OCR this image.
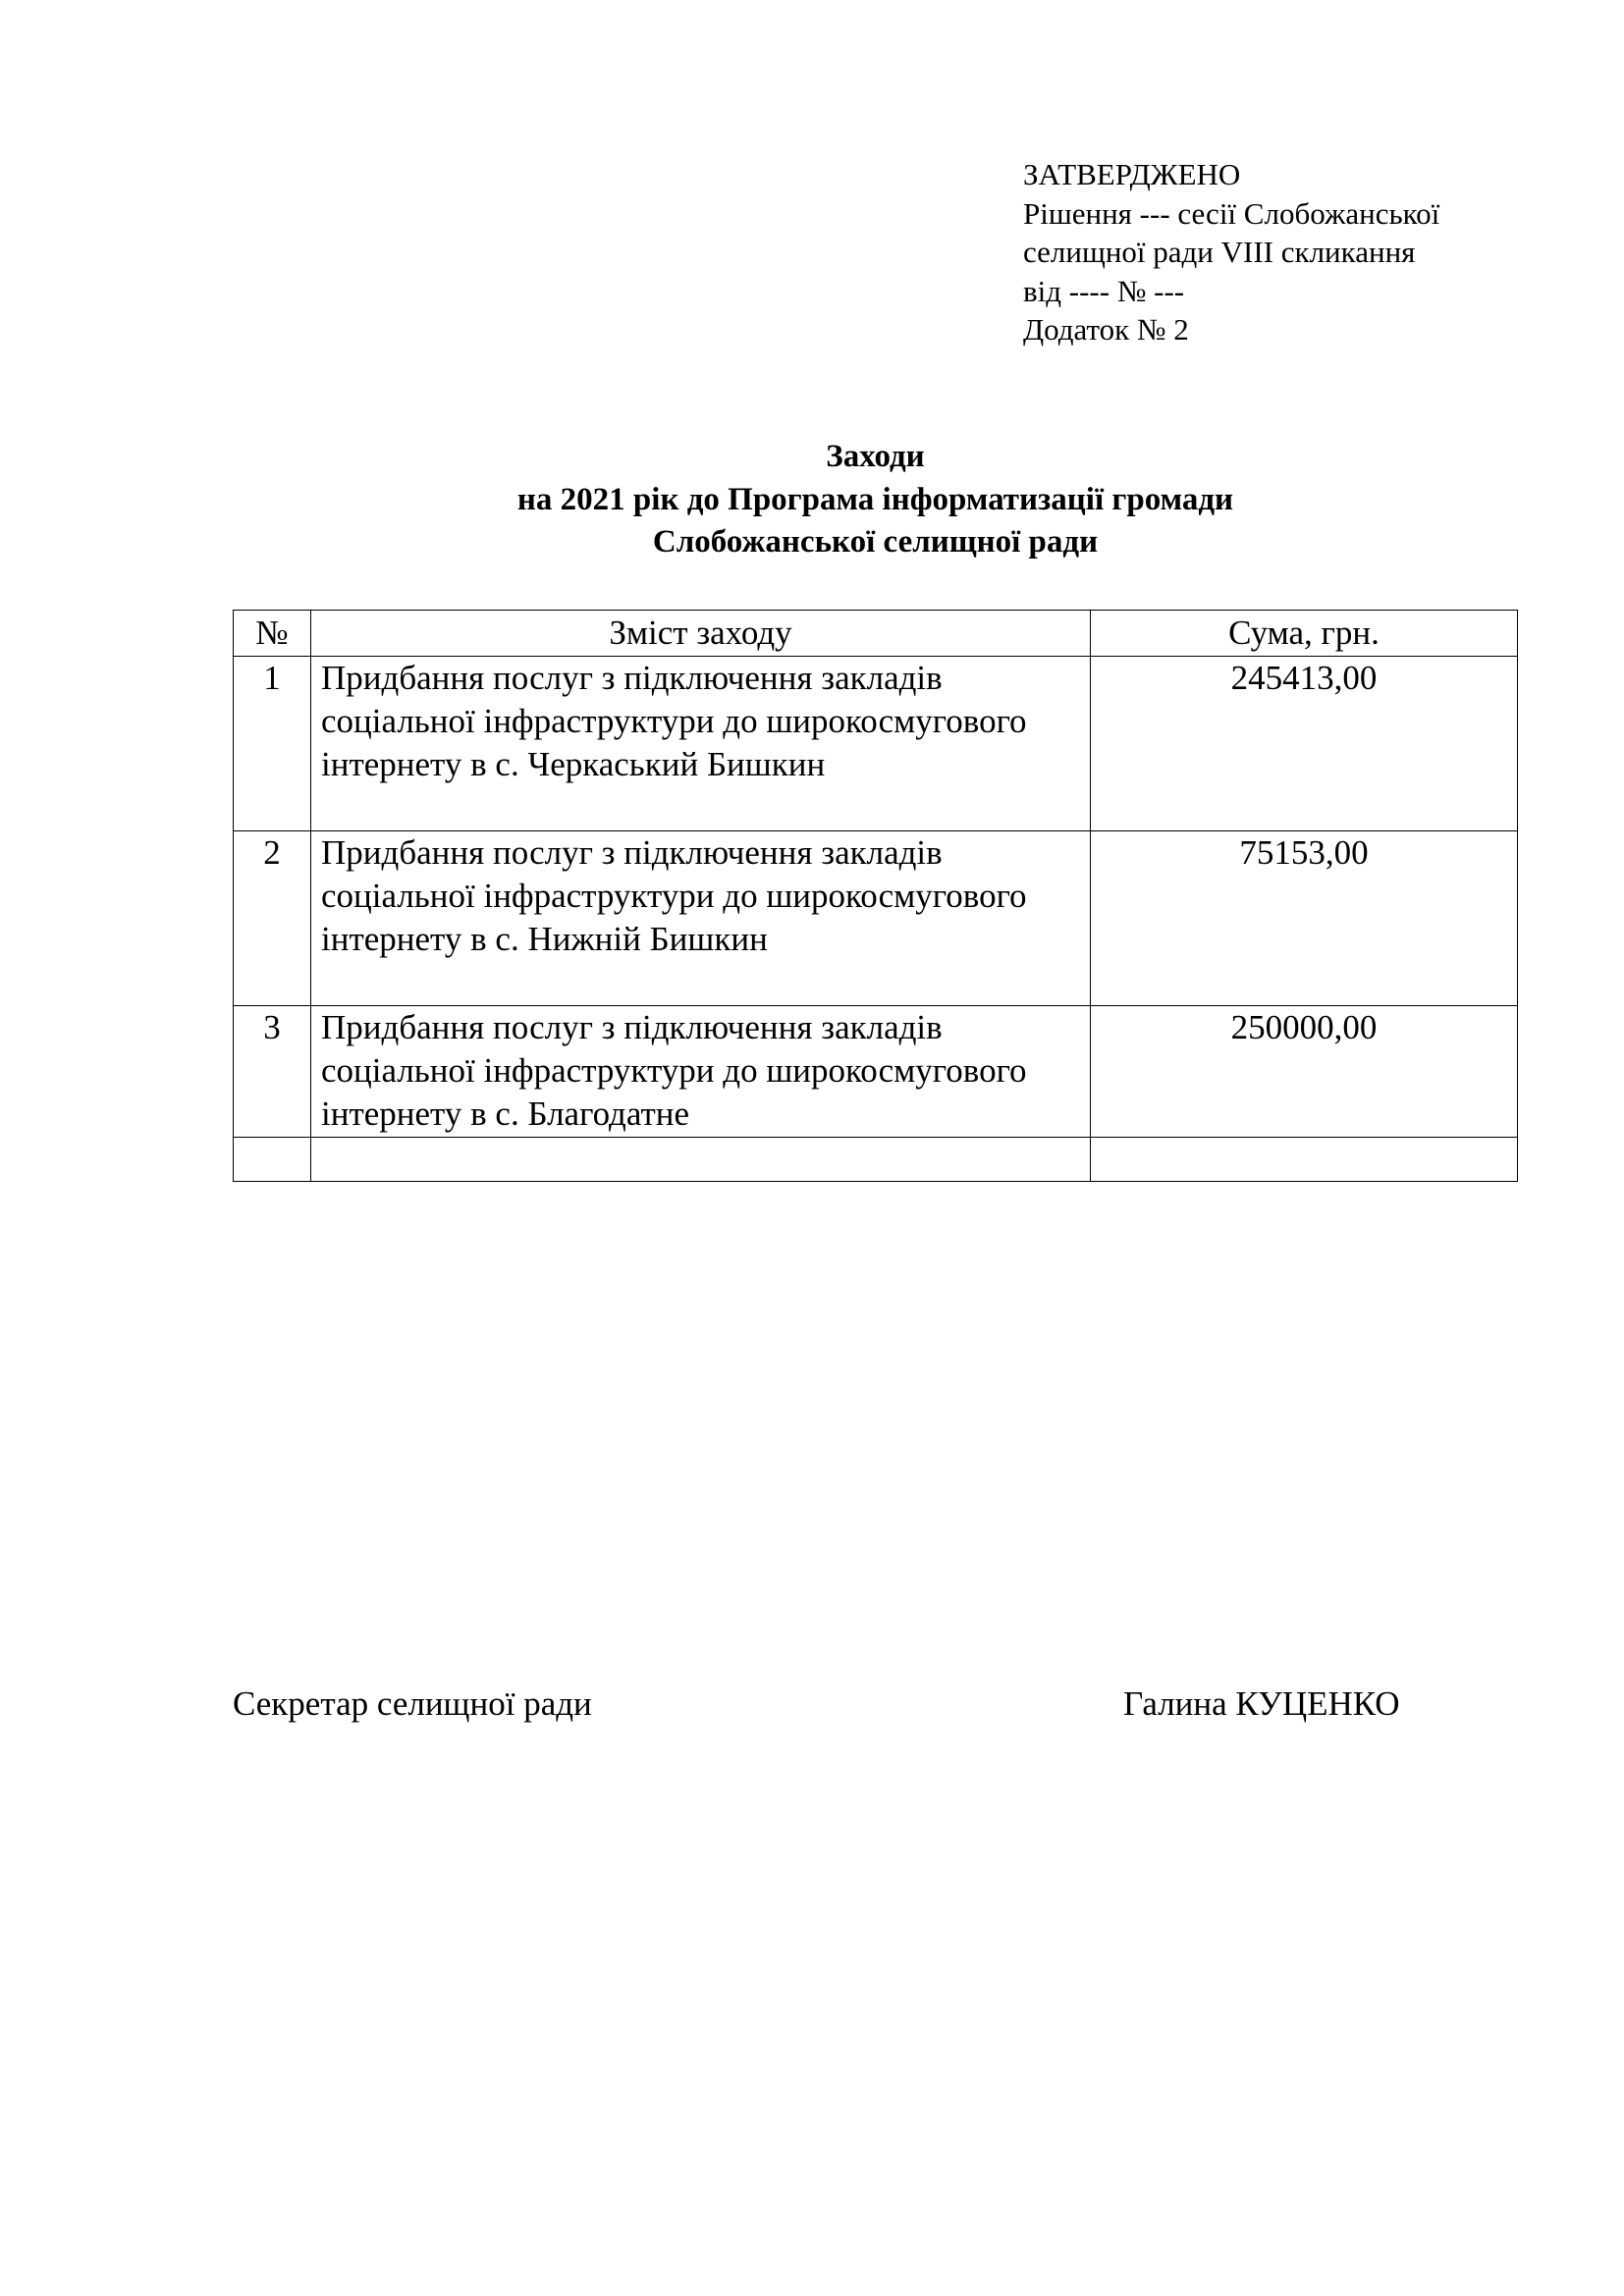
ЗАТВЕРДЖЕНО
Рішення --- сесії Слобожанської
селищної ради VIII скликання
від ---- № ---
Додаток № 2
Заходи
на 2021 рік до Програма інформатизації громади
Слобожанської селищної ради
№	Зміст заходу	Сума, грн.
1	Придбання послуг з підключення закладів соціальної інфраструктури до широкосмугового інтернету в с. Черкаський Бишкин	245413,00
2	Придбання послуг з підключення закладів соціальної інфраструктури до широкосмугового інтернету в с. Нижній Бишкин	75153,00
3	Придбання послуг з підключення закладів соціальної інфраструктури до широкосмугового інтернету в с. Благодатне	250000,00

Секретар селищної ради	Галина КУЦЕНКО
